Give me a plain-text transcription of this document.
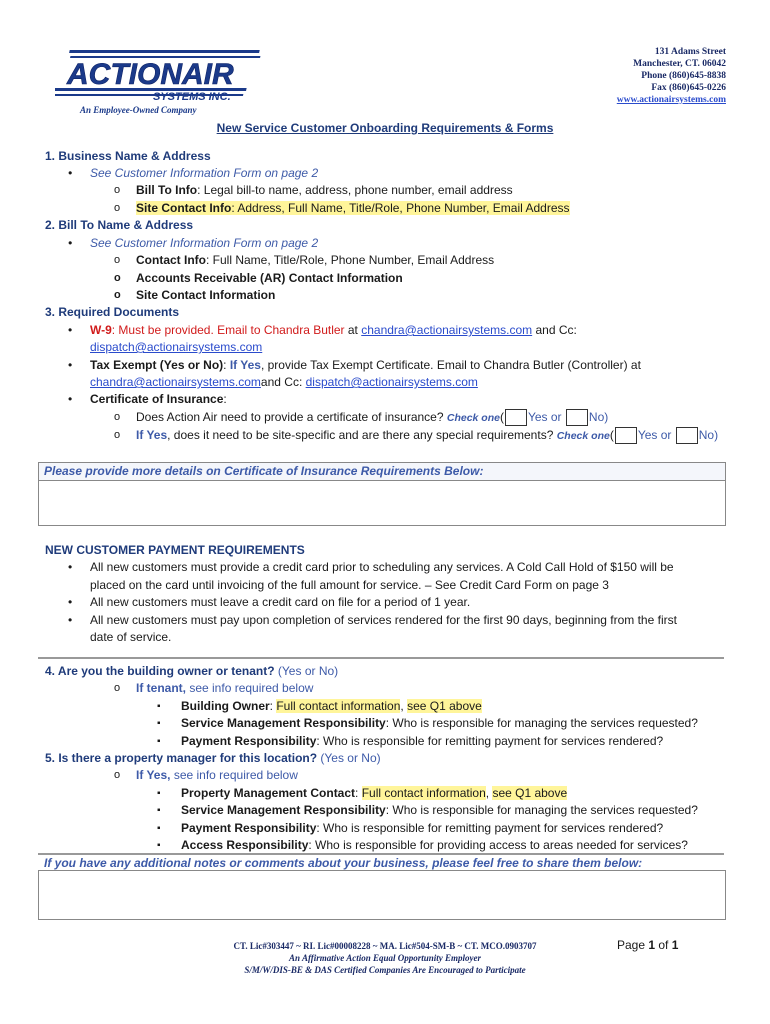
ACTIONAIR
SYSTEMS INC.
An Employee-Owned Company
131 Adams Street
Manchester, CT. 06042
Phone (860)645-8838
Fax (860)645-0226
www.actionairsystems.com
New Service Customer Onboarding Requirements & Forms
1. Business Name & Address
• See Customer Information Form on page 2
o Bill To Info: Legal bill-to name, address, phone number, email address
o Site Contact Info: Address, Full Name, Title/Role, Phone Number, Email Address
2. Bill To Name & Address
• See Customer Information Form on page 2
o Contact Info: Full Name, Title/Role, Phone Number, Email Address
o Accounts Receivable (AR) Contact Information
o Site Contact Information
3. Required Documents
• W-9: Must be provided. Email to Chandra Butler at chandra@actionairsystems.com and Cc:
dispatch@actionairsystems.com
• Tax Exempt (Yes or No): If Yes, provide Tax Exempt Certificate. Email to Chandra Butler (Controller) at
chandra@actionairsystems.comand Cc: dispatch@actionairsystems.com
• Certificate of Insurance:
o Does Action Air need to provide a certificate of insurance? Check one( Yes or No)
o If Yes, does it need to be site-specific and are there any special requirements? Check one( Yes or No)
Please provide more details on Certificate of Insurance Requirements Below:
NEW CUSTOMER PAYMENT REQUIREMENTS
• All new customers must provide a credit card prior to scheduling any services. A Cold Call Hold of $150 will be
placed on the card until invoicing of the full amount for service. – See Credit Card Form on page 3
• All new customers must leave a credit card on file for a period of 1 year.
• All new customers must pay upon completion of services rendered for the first 90 days, beginning from the first
date of service.
4. Are you the building owner or tenant? (Yes or No)
o If tenant, see info required below
▪ Building Owner: Full contact information, see Q1 above
▪ Service Management Responsibility: Who is responsible for managing the services requested?
▪ Payment Responsibility: Who is responsible for remitting payment for services rendered?
5. Is there a property manager for this location? (Yes or No)
o If Yes, see info required below
▪ Property Management Contact: Full contact information, see Q1 above
▪ Service Management Responsibility: Who is responsible for managing the services requested?
▪ Payment Responsibility: Who is responsible for remitting payment for services rendered?
▪ Access Responsibility: Who is responsible for providing access to areas needed for services?
If you have any additional notes or comments about your business, please feel free to share them below:
CT. Lic#303447 ~ RI. Lic#00008228 ~ MA. Lic#504-SM-B ~ CT. MCO.0903707
An Affirmative Action Equal Opportunity Employer
S/M/W/DIS-BE & DAS Certified Companies Are Encouraged to Participate
Page 1 of 1
